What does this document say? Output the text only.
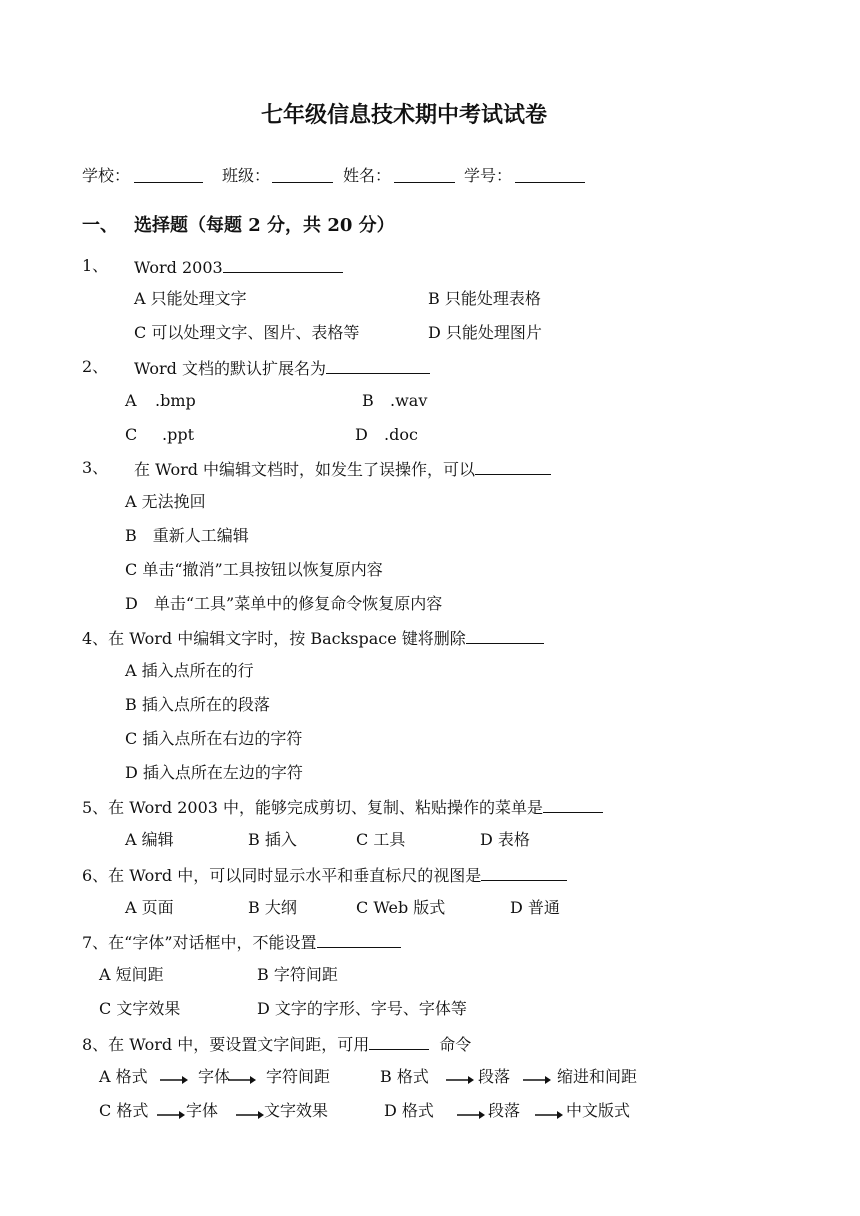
七年级信息技术期中考试试卷
学校：	班级：	姓名：	学号：
一、 选择题（每题 2 分，共 20 分）
1、 Word 2003
A 只能处理文字	B 只能处理表格
C 可以处理文字、图片、表格等	D 只能处理图片
2、 Word 文档的默认扩展名为
A .bmp	B .wav
C .ppt	D .doc
3、 在 Word 中编辑文档时，如发生了误操作，可以
A 无法挽回
B　重新人工编辑
C 单击“撤消”工具按钮以恢复原内容
D　单击“工具”菜单中的修复命令恢复原内容
4、在 Word 中编辑文字时，按 Backspace 键将删除
A 插入点所在的行
B 插入点所在的段落
C 插入点所在右边的字符
D 插入点所在左边的字符
5、在 Word 2003 中，能够完成剪切、复制、粘贴操作的菜单是
A 编辑	B 插入	C 工具	D 表格
6、在 Word 中，可以同时显示水平和垂直标尺的视图是
A 页面	B 大纲	C Web 版式	D 普通
7、在“字体”对话框中，不能设置
A 短间距	B 字符间距
C 文字效果	D 文字的字形、字号、字体等
8、在 Word 中，要设置文字间距，可用	命令
A 格式	字体 字符间距	B 格式	段落	缩进和间距
C 格式 字体	文字效果	D 格式	段落	中文版式
